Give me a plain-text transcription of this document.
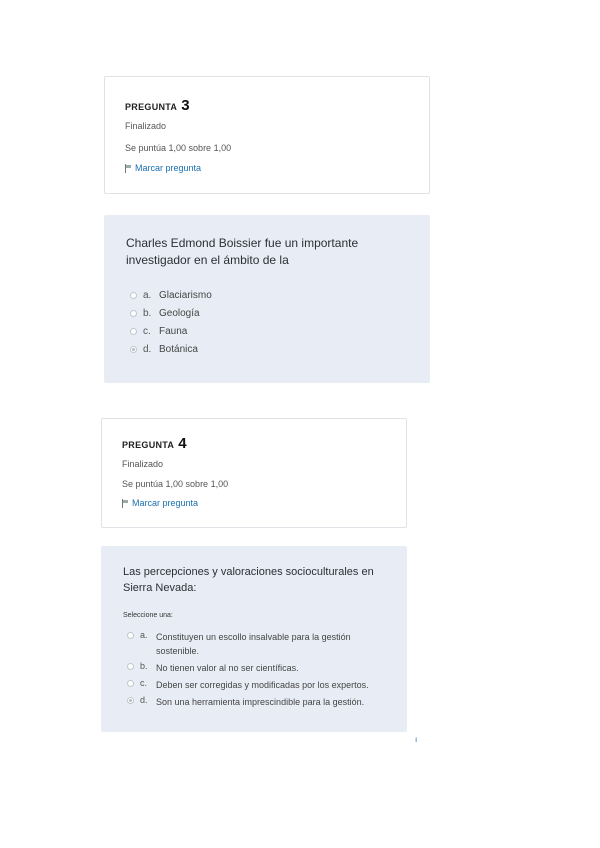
PREGUNTA 3
Finalizado
Se puntúa 1,00 sobre 1,00
Marcar pregunta
Charles Edmond Boissier fue un importante investigador en el ámbito de la
a. Glaciarismo
b. Geología
c. Fauna
d. Botánica
PREGUNTA 4
Finalizado
Se puntúa 1,00 sobre 1,00
Marcar pregunta
Las percepciones y valoraciones socioculturales en Sierra Nevada:
Seleccione una:
a. Constituyen un escollo insalvable para la gestión sostenible.
b. No tienen valor al no ser científicas.
c. Deben ser corregidas y modificadas por los expertos.
d. Son una herramienta imprescindible para la gestión.
ı
